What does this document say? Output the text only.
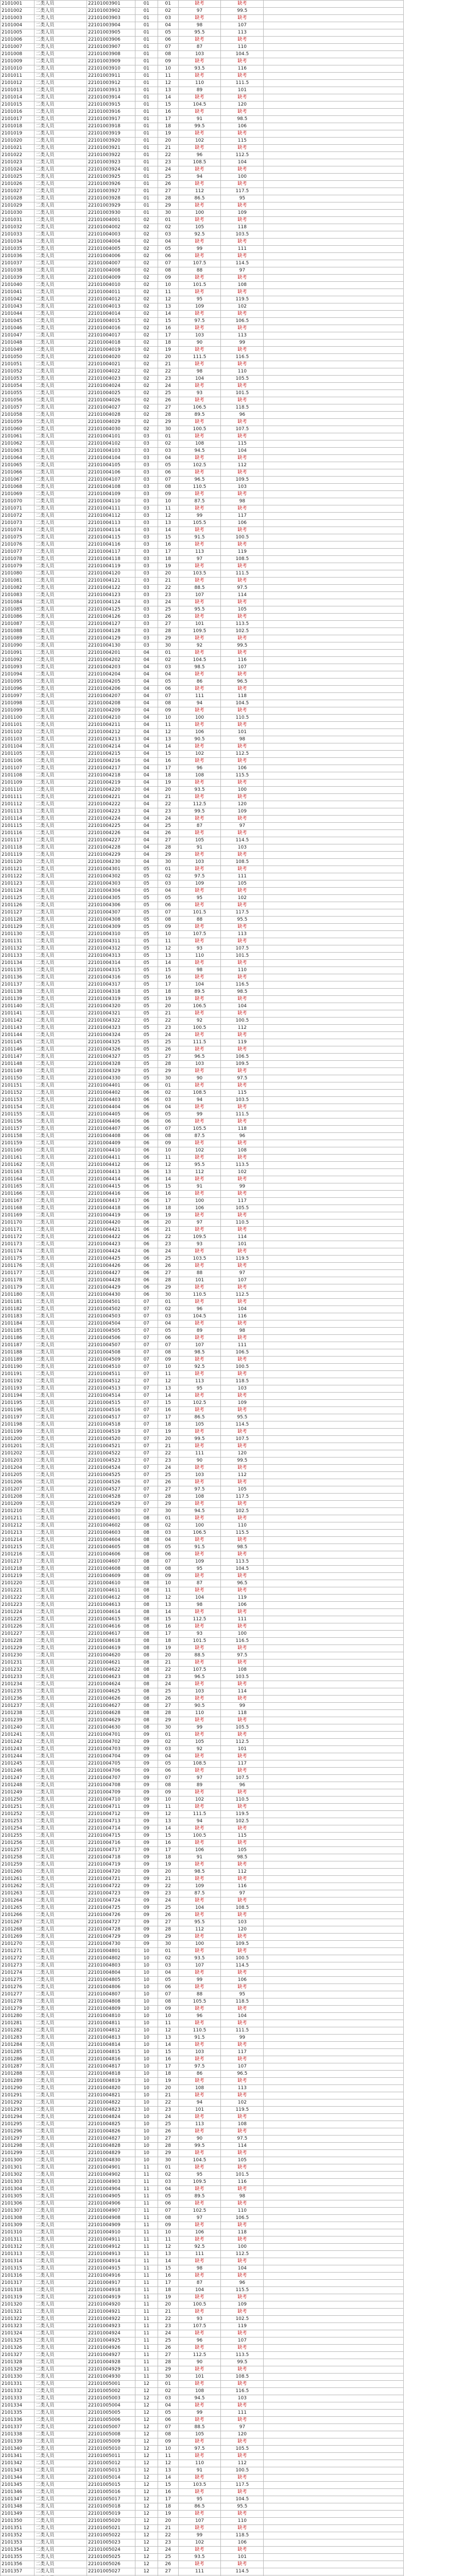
2101001	二类人员	22101003901	01	01	缺考	缺考	
2101002	二类人员	22101003902	01	02	97	99.5	
2101003	二类人员	22101003903	01	03	缺考	缺考	
2101004	二类人员	22101003904	01	04	98	107	
2101005	二类人员	22101003905	01	05	95.5	113	
2101006	二类人员	22101003906	01	06	缺考	缺考	
2101007	二类人员	22101003907	01	07	87	110	
2101008	二类人员	22101003908	01	08	103	104.5	
2101009	二类人员	22101003909	01	09	缺考	缺考	
2101010	二类人员	22101003910	01	10	93.5	116	
2101011	二类人员	22101003911	01	11	缺考	缺考	
2101012	二类人员	22101003912	01	12	110	111.5	
2101013	二类人员	22101003913	01	13	89	101	
2101014	二类人员	22101003914	01	14	缺考	缺考	
2101015	二类人员	22101003915	01	15	104.5	120	
2101016	二类人员	22101003916	01	16	缺考	缺考	
2101017	二类人员	22101003917	01	17	91	98.5	
2101018	二类人员	22101003918	01	18	99.5	106	
2101019	二类人员	22101003919	01	19	缺考	缺考	
2101020	二类人员	22101003920	01	20	102	115	
2101021	二类人员	22101003921	01	21	缺考	缺考	
2101022	二类人员	22101003922	01	22	96	112.5	
2101023	二类人员	22101003923	01	23	108.5	104	
2101024	二类人员	22101003924	01	24	缺考	缺考	
2101025	二类人员	22101003925	01	25	94	100	
2101026	二类人员	22101003926	01	26	缺考	缺考	
2101027	二类人员	22101003927	01	27	112	117.5	
2101028	二类人员	22101003928	01	28	86.5	95	
2101029	二类人员	22101003929	01	29	缺考	缺考	
2101030	二类人员	22101003930	01	30	100	109	
2101031	二类人员	22101004001	02	01	缺考	缺考	
2101032	二类人员	22101004002	02	02	105	118	
2101033	二类人员	22101004003	02	03	92.5	103.5	
2101034	二类人员	22101004004	02	04	缺考	缺考	
2101035	二类人员	22101004005	02	05	99	111	
2101036	二类人员	22101004006	02	06	缺考	缺考	
2101037	二类人员	22101004007	02	07	107.5	114.5	
2101038	二类人员	22101004008	02	08	88	97	
2101039	二类人员	22101004009	02	09	缺考	缺考	
2101040	二类人员	22101004010	02	10	101.5	108	
2101041	二类人员	22101004011	02	11	缺考	缺考	
2101042	二类人员	22101004012	02	12	95	119.5	
2101043	二类人员	22101004013	02	13	109	102	
2101044	二类人员	22101004014	02	14	缺考	缺考	
2101045	二类人员	22101004015	02	15	97.5	106.5	
2101046	二类人员	22101004016	02	16	缺考	缺考	
2101047	二类人员	22101004017	02	17	103	113	
2101048	二类人员	22101004018	02	18	90	99	
2101049	二类人员	22101004019	02	19	缺考	缺考	
2101050	二类人员	22101004020	02	20	111.5	116.5	
2101051	二类人员	22101004021	02	21	缺考	缺考	
2101052	二类人员	22101004022	02	22	98	110	
2101053	二类人员	22101004023	02	23	104	105.5	
2101054	二类人员	22101004024	02	24	缺考	缺考	
2101055	二类人员	22101004025	02	25	93	101.5	
2101056	二类人员	22101004026	02	26	缺考	缺考	
2101057	二类人员	22101004027	02	27	106.5	118.5	
2101058	二类人员	22101004028	02	28	89.5	96	
2101059	二类人员	22101004029	02	29	缺考	缺考	
2101060	二类人员	22101004030	02	30	100.5	107.5	
2101061	二类人员	22101004101	03	01	缺考	缺考	
2101062	二类人员	22101004102	03	02	108	115	
2101063	二类人员	22101004103	03	03	94.5	104	
2101064	二类人员	22101004104	03	04	缺考	缺考	
2101065	二类人员	22101004105	03	05	102.5	112	
2101066	二类人员	22101004106	03	06	缺考	缺考	
2101067	二类人员	22101004107	03	07	96.5	109.5	
2101068	二类人员	22101004108	03	08	110.5	103	
2101069	二类人员	22101004109	03	09	缺考	缺考	
2101070	二类人员	22101004110	03	10	87.5	98	
2101071	二类人员	22101004111	03	11	缺考	缺考	
2101072	二类人员	22101004112	03	12	99	117	
2101073	二类人员	22101004113	03	13	105.5	106	
2101074	二类人员	22101004114	03	14	缺考	缺考	
2101075	二类人员	22101004115	03	15	91.5	100.5	
2101076	二类人员	22101004116	03	16	缺考	缺考	
2101077	二类人员	22101004117	03	17	113	119	
2101078	二类人员	22101004118	03	18	97	108.5	
2101079	二类人员	22101004119	03	19	缺考	缺考	
2101080	二类人员	22101004120	03	20	103.5	111.5	
2101081	二类人员	22101004121	03	21	缺考	缺考	
2101082	二类人员	22101004122	03	22	88.5	97.5	
2101083	二类人员	22101004123	03	23	107	114	
2101084	二类人员	22101004124	03	24	缺考	缺考	
2101085	二类人员	22101004125	03	25	95.5	105	
2101086	二类人员	22101004126	03	26	缺考	缺考	
2101087	二类人员	22101004127	03	27	101	113.5	
2101088	二类人员	22101004128	03	28	109.5	102.5	
2101089	二类人员	22101004129	03	29	缺考	缺考	
2101090	二类人员	22101004130	03	30	92	99.5	
2101091	二类人员	22101004201	04	01	缺考	缺考	
2101092	二类人员	22101004202	04	02	104.5	116	
2101093	二类人员	22101004203	04	03	98.5	107	
2101094	二类人员	22101004204	04	04	缺考	缺考	
2101095	二类人员	22101004205	04	05	86	96.5	
2101096	二类人员	22101004206	04	06	缺考	缺考	
2101097	二类人员	22101004207	04	07	111	118	
2101098	二类人员	22101004208	04	08	94	104.5	
2101099	二类人员	22101004209	04	09	缺考	缺考	
2101100	二类人员	22101004210	04	10	100	110.5	
2101101	二类人员	22101004211	04	11	缺考	缺考	
2101102	二类人员	22101004212	04	12	106	101	
2101103	二类人员	22101004213	04	13	90.5	98	
2101104	二类人员	22101004214	04	14	缺考	缺考	
2101105	二类人员	22101004215	04	15	102	112.5	
2101106	二类人员	22101004216	04	16	缺考	缺考	
2101107	二类人员	22101004217	04	17	96	106	
2101108	二类人员	22101004218	04	18	108	115.5	
2101109	二类人员	22101004219	04	19	缺考	缺考	
2101110	二类人员	22101004220	04	20	93.5	100	
2101111	二类人员	22101004221	04	21	缺考	缺考	
2101112	二类人员	22101004222	04	22	112.5	120	
2101113	二类人员	22101004223	04	23	99.5	109	
2101114	二类人员	22101004224	04	24	缺考	缺考	
2101115	二类人员	22101004225	04	25	87	97	
2101116	二类人员	22101004226	04	26	缺考	缺考	
2101117	二类人员	22101004227	04	27	105	114.5	
2101118	二类人员	22101004228	04	28	91	103	
2101119	二类人员	22101004229	04	29	缺考	缺考	
2101120	二类人员	22101004230	04	30	103	108.5	
2101121	二类人员	22101004301	05	01	缺考	缺考	
2101122	二类人员	22101004302	05	02	97.5	111	
2101123	二类人员	22101004303	05	03	109	105	
2101124	二类人员	22101004304	05	04	缺考	缺考	
2101125	二类人员	22101004305	05	05	95	102	
2101126	二类人员	22101004306	05	06	缺考	缺考	
2101127	二类人员	22101004307	05	07	101.5	117.5	
2101128	二类人员	22101004308	05	08	88	95.5	
2101129	二类人员	22101004309	05	09	缺考	缺考	
2101130	二类人员	22101004310	05	10	107.5	113	
2101131	二类人员	22101004311	05	11	缺考	缺考	
2101132	二类人员	22101004312	05	12	93	107.5	
2101133	二类人员	22101004313	05	13	110	101.5	
2101134	二类人员	22101004314	05	14	缺考	缺考	
2101135	二类人员	22101004315	05	15	98	110	
2101136	二类人员	22101004316	05	16	缺考	缺考	
2101137	二类人员	22101004317	05	17	104	116.5	
2101138	二类人员	22101004318	05	18	89.5	98.5	
2101139	二类人员	22101004319	05	19	缺考	缺考	
2101140	二类人员	22101004320	05	20	106.5	104	
2101141	二类人员	22101004321	05	21	缺考	缺考	
2101142	二类人员	22101004322	05	22	92	100.5	
2101143	二类人员	22101004323	05	23	100.5	112	
2101144	二类人员	22101004324	05	24	缺考	缺考	
2101145	二类人员	22101004325	05	25	111.5	119	
2101146	二类人员	22101004326	05	26	缺考	缺考	
2101147	二类人员	22101004327	05	27	96.5	106.5	
2101148	二类人员	22101004328	05	28	103	109.5	
2101149	二类人员	22101004329	05	29	缺考	缺考	
2101150	二类人员	22101004330	05	30	90	97.5	
2101151	二类人员	22101004401	06	01	缺考	缺考	
2101152	二类人员	22101004402	06	02	108.5	115	
2101153	二类人员	22101004403	06	03	94	103.5	
2101154	二类人员	22101004404	06	04	缺考	缺考	
2101155	二类人员	22101004405	06	05	99	111.5	
2101156	二类人员	22101004406	06	06	缺考	缺考	
2101157	二类人员	22101004407	06	07	105.5	118	
2101158	二类人员	22101004408	06	08	87.5	96	
2101159	二类人员	22101004409	06	09	缺考	缺考	
2101160	二类人员	22101004410	06	10	102	108	
2101161	二类人员	22101004411	06	11	缺考	缺考	
2101162	二类人员	22101004412	06	12	95.5	113.5	
2101163	二类人员	22101004413	06	13	112	102	
2101164	二类人员	22101004414	06	14	缺考	缺考	
2101165	二类人员	22101004415	06	15	91	99	
2101166	二类人员	22101004416	06	16	缺考	缺考	
2101167	二类人员	22101004417	06	17	100	117	
2101168	二类人员	22101004418	06	18	106	105.5	
2101169	二类人员	22101004419	06	19	缺考	缺考	
2101170	二类人员	22101004420	06	20	97	110.5	
2101171	二类人员	22101004421	06	21	缺考	缺考	
2101172	二类人员	22101004422	06	22	109.5	114	
2101173	二类人员	22101004423	06	23	93	101	
2101174	二类人员	22101004424	06	24	缺考	缺考	
2101175	二类人员	22101004425	06	25	103.5	119.5	
2101176	二类人员	22101004426	06	26	缺考	缺考	
2101177	二类人员	22101004427	06	27	88	97	
2101178	二类人员	22101004428	06	28	101	107	
2101179	二类人员	22101004429	06	29	缺考	缺考	
2101180	二类人员	22101004430	06	30	110.5	112.5	
2101181	二类人员	22101004501	07	01	缺考	缺考	
2101182	二类人员	22101004502	07	02	96	104	
2101183	二类人员	22101004503	07	03	104.5	116	
2101184	二类人员	22101004504	07	04	缺考	缺考	
2101185	二类人员	22101004505	07	05	89	98	
2101186	二类人员	22101004506	07	06	缺考	缺考	
2101187	二类人员	22101004507	07	07	107	111	
2101188	二类人员	22101004508	07	08	98.5	106.5	
2101189	二类人员	22101004509	07	09	缺考	缺考	
2101190	二类人员	22101004510	07	10	92.5	100.5	
2101191	二类人员	22101004511	07	11	缺考	缺考	
2101192	二类人员	22101004512	07	12	113	118.5	
2101193	二类人员	22101004513	07	13	95	103	
2101194	二类人员	22101004514	07	14	缺考	缺考	
2101195	二类人员	22101004515	07	15	102.5	109	
2101196	二类人员	22101004516	07	16	缺考	缺考	
2101197	二类人员	22101004517	07	17	86.5	95.5	
2101198	二类人员	22101004518	07	18	105	114.5	
2101199	二类人员	22101004519	07	19	缺考	缺考	
2101200	二类人员	22101004520	07	20	99.5	107.5	
2101201	二类人员	22101004521	07	21	缺考	缺考	
2101202	二类人员	22101004522	07	22	111	120	
2101203	二类人员	22101004523	07	23	90	99.5	
2101204	二类人员	22101004524	07	24	缺考	缺考	
2101205	二类人员	22101004525	07	25	103	112	
2101206	二类人员	22101004526	07	26	缺考	缺考	
2101207	二类人员	22101004527	07	27	97.5	105	
2101208	二类人员	22101004528	07	28	108	117.5	
2101209	二类人员	22101004529	07	29	缺考	缺考	
2101210	二类人员	22101004530	07	30	94.5	102.5	
2101211	二类人员	22101004601	08	01	缺考	缺考	
2101212	二类人员	22101004602	08	02	100	110	
2101213	二类人员	22101004603	08	03	106.5	115.5	
2101214	二类人员	22101004604	08	04	缺考	缺考	
2101215	二类人员	22101004605	08	05	91.5	98.5	
2101216	二类人员	22101004606	08	06	缺考	缺考	
2101217	二类人员	22101004607	08	07	109	113.5	
2101218	二类人员	22101004608	08	08	95	104.5	
2101219	二类人员	22101004609	08	09	缺考	缺考	
2101220	二类人员	22101004610	08	10	87	96.5	
2101221	二类人员	22101004611	08	11	缺考	缺考	
2101222	二类人员	22101004612	08	12	104	119	
2101223	二类人员	22101004613	08	13	98	106	
2101224	二类人员	22101004614	08	14	缺考	缺考	
2101225	二类人员	22101004615	08	15	112.5	111	
2101226	二类人员	22101004616	08	16	缺考	缺考	
2101227	二类人员	22101004617	08	17	93	100	
2101228	二类人员	22101004618	08	18	101.5	116.5	
2101229	二类人员	22101004619	08	19	缺考	缺考	
2101230	二类人员	22101004620	08	20	88.5	97.5	
2101231	二类人员	22101004621	08	21	缺考	缺考	
2101232	二类人员	22101004622	08	22	107.5	108	
2101233	二类人员	22101004623	08	23	96.5	103.5	
2101234	二类人员	22101004624	08	24	缺考	缺考	
2101235	二类人员	22101004625	08	25	103	114	
2101236	二类人员	22101004626	08	26	缺考	缺考	
2101237	二类人员	22101004627	08	27	90.5	99	
2101238	二类人员	22101004628	08	28	110	118	
2101239	二类人员	22101004629	08	29	缺考	缺考	
2101240	二类人员	22101004630	08	30	99	105.5	
2101241	二类人员	22101004701	09	01	缺考	缺考	
2101242	二类人员	22101004702	09	02	105	112.5	
2101243	二类人员	22101004703	09	03	92	101	
2101244	二类人员	22101004704	09	04	缺考	缺考	
2101245	二类人员	22101004705	09	05	108.5	117	
2101246	二类人员	22101004706	09	06	缺考	缺考	
2101247	二类人员	22101004707	09	07	97	107.5	
2101248	二类人员	22101004708	09	08	89	96	
2101249	二类人员	22101004709	09	09	缺考	缺考	
2101250	二类人员	22101004710	09	10	102	110.5	
2101251	二类人员	22101004711	09	11	缺考	缺考	
2101252	二类人员	22101004712	09	12	111.5	119.5	
2101253	二类人员	22101004713	09	13	94	102.5	
2101254	二类人员	22101004714	09	14	缺考	缺考	
2101255	二类人员	22101004715	09	15	100.5	115	
2101256	二类人员	22101004716	09	16	缺考	缺考	
2101257	二类人员	22101004717	09	17	106	105	
2101258	二类人员	22101004718	09	18	91	98.5	
2101259	二类人员	22101004719	09	19	缺考	缺考	
2101260	二类人员	22101004720	09	20	98.5	112	
2101261	二类人员	22101004721	09	21	缺考	缺考	
2101262	二类人员	22101004722	09	22	109	116	
2101263	二类人员	22101004723	09	23	87.5	97	
2101264	二类人员	22101004724	09	24	缺考	缺考	
2101265	二类人员	22101004725	09	25	104	108.5	
2101266	二类人员	22101004726	09	26	缺考	缺考	
2101267	二类人员	22101004727	09	27	95.5	103	
2101268	二类人员	22101004728	09	28	112	120	
2101269	二类人员	22101004729	09	29	缺考	缺考	
2101270	二类人员	22101004730	09	30	100	109.5	
2101271	二类人员	22101004801	10	01	缺考	缺考	
2101272	二类人员	22101004802	10	02	93.5	100.5	
2101273	二类人员	22101004803	10	03	107	114.5	
2101274	二类人员	22101004804	10	04	缺考	缺考	
2101275	二类人员	22101004805	10	05	99	106	
2101276	二类人员	22101004806	10	06	缺考	缺考	
2101277	二类人员	22101004807	10	07	88	95	
2101278	二类人员	22101004808	10	08	105.5	118.5	
2101279	二类人员	22101004809	10	09	缺考	缺考	
2101280	二类人员	22101004810	10	10	96	104	
2101281	二类人员	22101004811	10	11	缺考	缺考	
2101282	二类人员	22101004812	10	12	110.5	111.5	
2101283	二类人员	22101004813	10	13	91.5	99	
2101284	二类人员	22101004814	10	14	缺考	缺考	
2101285	二类人员	22101004815	10	15	103	117	
2101286	二类人员	22101004816	10	16	缺考	缺考	
2101287	二类人员	22101004817	10	17	97.5	107	
2101288	二类人员	22101004818	10	18	86	96.5	
2101289	二类人员	22101004819	10	19	缺考	缺考	
2101290	二类人员	22101004820	10	20	108	113	
2101291	二类人员	22101004821	10	21	缺考	缺考	
2101292	二类人员	22101004822	10	22	94	102	
2101293	二类人员	22101004823	10	23	101	119.5	
2101294	二类人员	22101004824	10	24	缺考	缺考	
2101295	二类人员	22101004825	10	25	113	108	
2101296	二类人员	22101004826	10	26	缺考	缺考	
2101297	二类人员	22101004827	10	27	90	97.5	
2101298	二类人员	22101004828	10	28	99.5	114	
2101299	二类人员	22101004829	10	29	缺考	缺考	
2101300	二类人员	22101004830	10	30	104.5	105	
2101301	二类人员	22101004901	11	01	缺考	缺考	
2101302	二类人员	22101004902	11	02	95	101.5	
2101303	二类人员	22101004903	11	03	109.5	116	
2101304	二类人员	22101004904	11	04	缺考	缺考	
2101305	二类人员	22101004905	11	05	89.5	98	
2101306	二类人员	22101004906	11	06	缺考	缺考	
2101307	二类人员	22101004907	11	07	102.5	110	
2101308	二类人员	22101004908	11	08	97	106.5	
2101309	二类人员	22101004909	11	09	缺考	缺考	
2101310	二类人员	22101004910	11	10	106	118	
2101311	二类人员	22101004911	11	11	缺考	缺考	
2101312	二类人员	22101004912	11	12	92.5	100	
2101313	二类人员	22101004913	11	13	111	112.5	
2101314	二类人员	22101004914	11	14	缺考	缺考	
2101315	二类人员	22101004915	11	15	98	104	
2101316	二类人员	22101004916	11	16	缺考	缺考	
2101317	二类人员	22101004917	11	17	87	96	
2101318	二类人员	22101004918	11	18	104	115.5	
2101319	二类人员	22101004919	11	19	缺考	缺考	
2101320	二类人员	22101004920	11	20	100.5	109	
2101321	二类人员	22101004921	11	21	缺考	缺考	
2101322	二类人员	22101004922	11	22	93	102.5	
2101323	二类人员	22101004923	11	23	107.5	119	
2101324	二类人员	22101004924	11	24	缺考	缺考	
2101325	二类人员	22101004925	11	25	96	107	
2101326	二类人员	22101004926	11	26	缺考	缺考	
2101327	二类人员	22101004927	11	27	112.5	113.5	
2101328	二类人员	22101004928	11	28	90	99.5	
2101329	二类人员	22101004929	11	29	缺考	缺考	
2101330	二类人员	22101004930	11	30	101	108.5	
2101331	二类人员	22101005001	12	01	缺考	缺考	
2101332	二类人员	22101005002	12	02	108	116.5	
2101333	二类人员	22101005003	12	03	94.5	103	
2101334	二类人员	22101005004	12	04	缺考	缺考	
2101335	二类人员	22101005005	12	05	99	111	
2101336	二类人员	22101005006	12	06	缺考	缺考	
2101337	二类人员	22101005007	12	07	88.5	97	
2101338	二类人员	22101005008	12	08	105	120	
2101339	二类人员	22101005009	12	09	缺考	缺考	
2101340	二类人员	22101005010	12	10	97.5	105.5	
2101341	二类人员	22101005011	12	11	缺考	缺考	
2101342	二类人员	22101005012	12	12	110	112	
2101343	二类人员	22101005013	12	13	91	100.5	
2101344	二类人员	22101005014	12	14	缺考	缺考	
2101345	二类人员	22101005015	12	15	103.5	117.5	
2101346	二类人员	22101005016	12	16	缺考	缺考	
2101347	二类人员	22101005017	12	17	95	104.5	
2101348	二类人员	22101005018	12	18	86.5	95.5	
2101349	二类人员	22101005019	12	19	缺考	缺考	
2101350	二类人员	22101005020	12	20	107	110	
2101351	二类人员	22101005021	12	21	缺考	缺考	
2101352	二类人员	22101005022	12	22	99	118.5	
2101353	二类人员	22101005023	12	23	102	106	
2101354	二类人员	22101005024	12	24	缺考	缺考	
2101355	二类人员	22101005025	12	25	93.5	101	
2101356	二类人员	22101005026	12	26	缺考	缺考	
2101357	二类人员	22101005027	12	27	111	114.5	
